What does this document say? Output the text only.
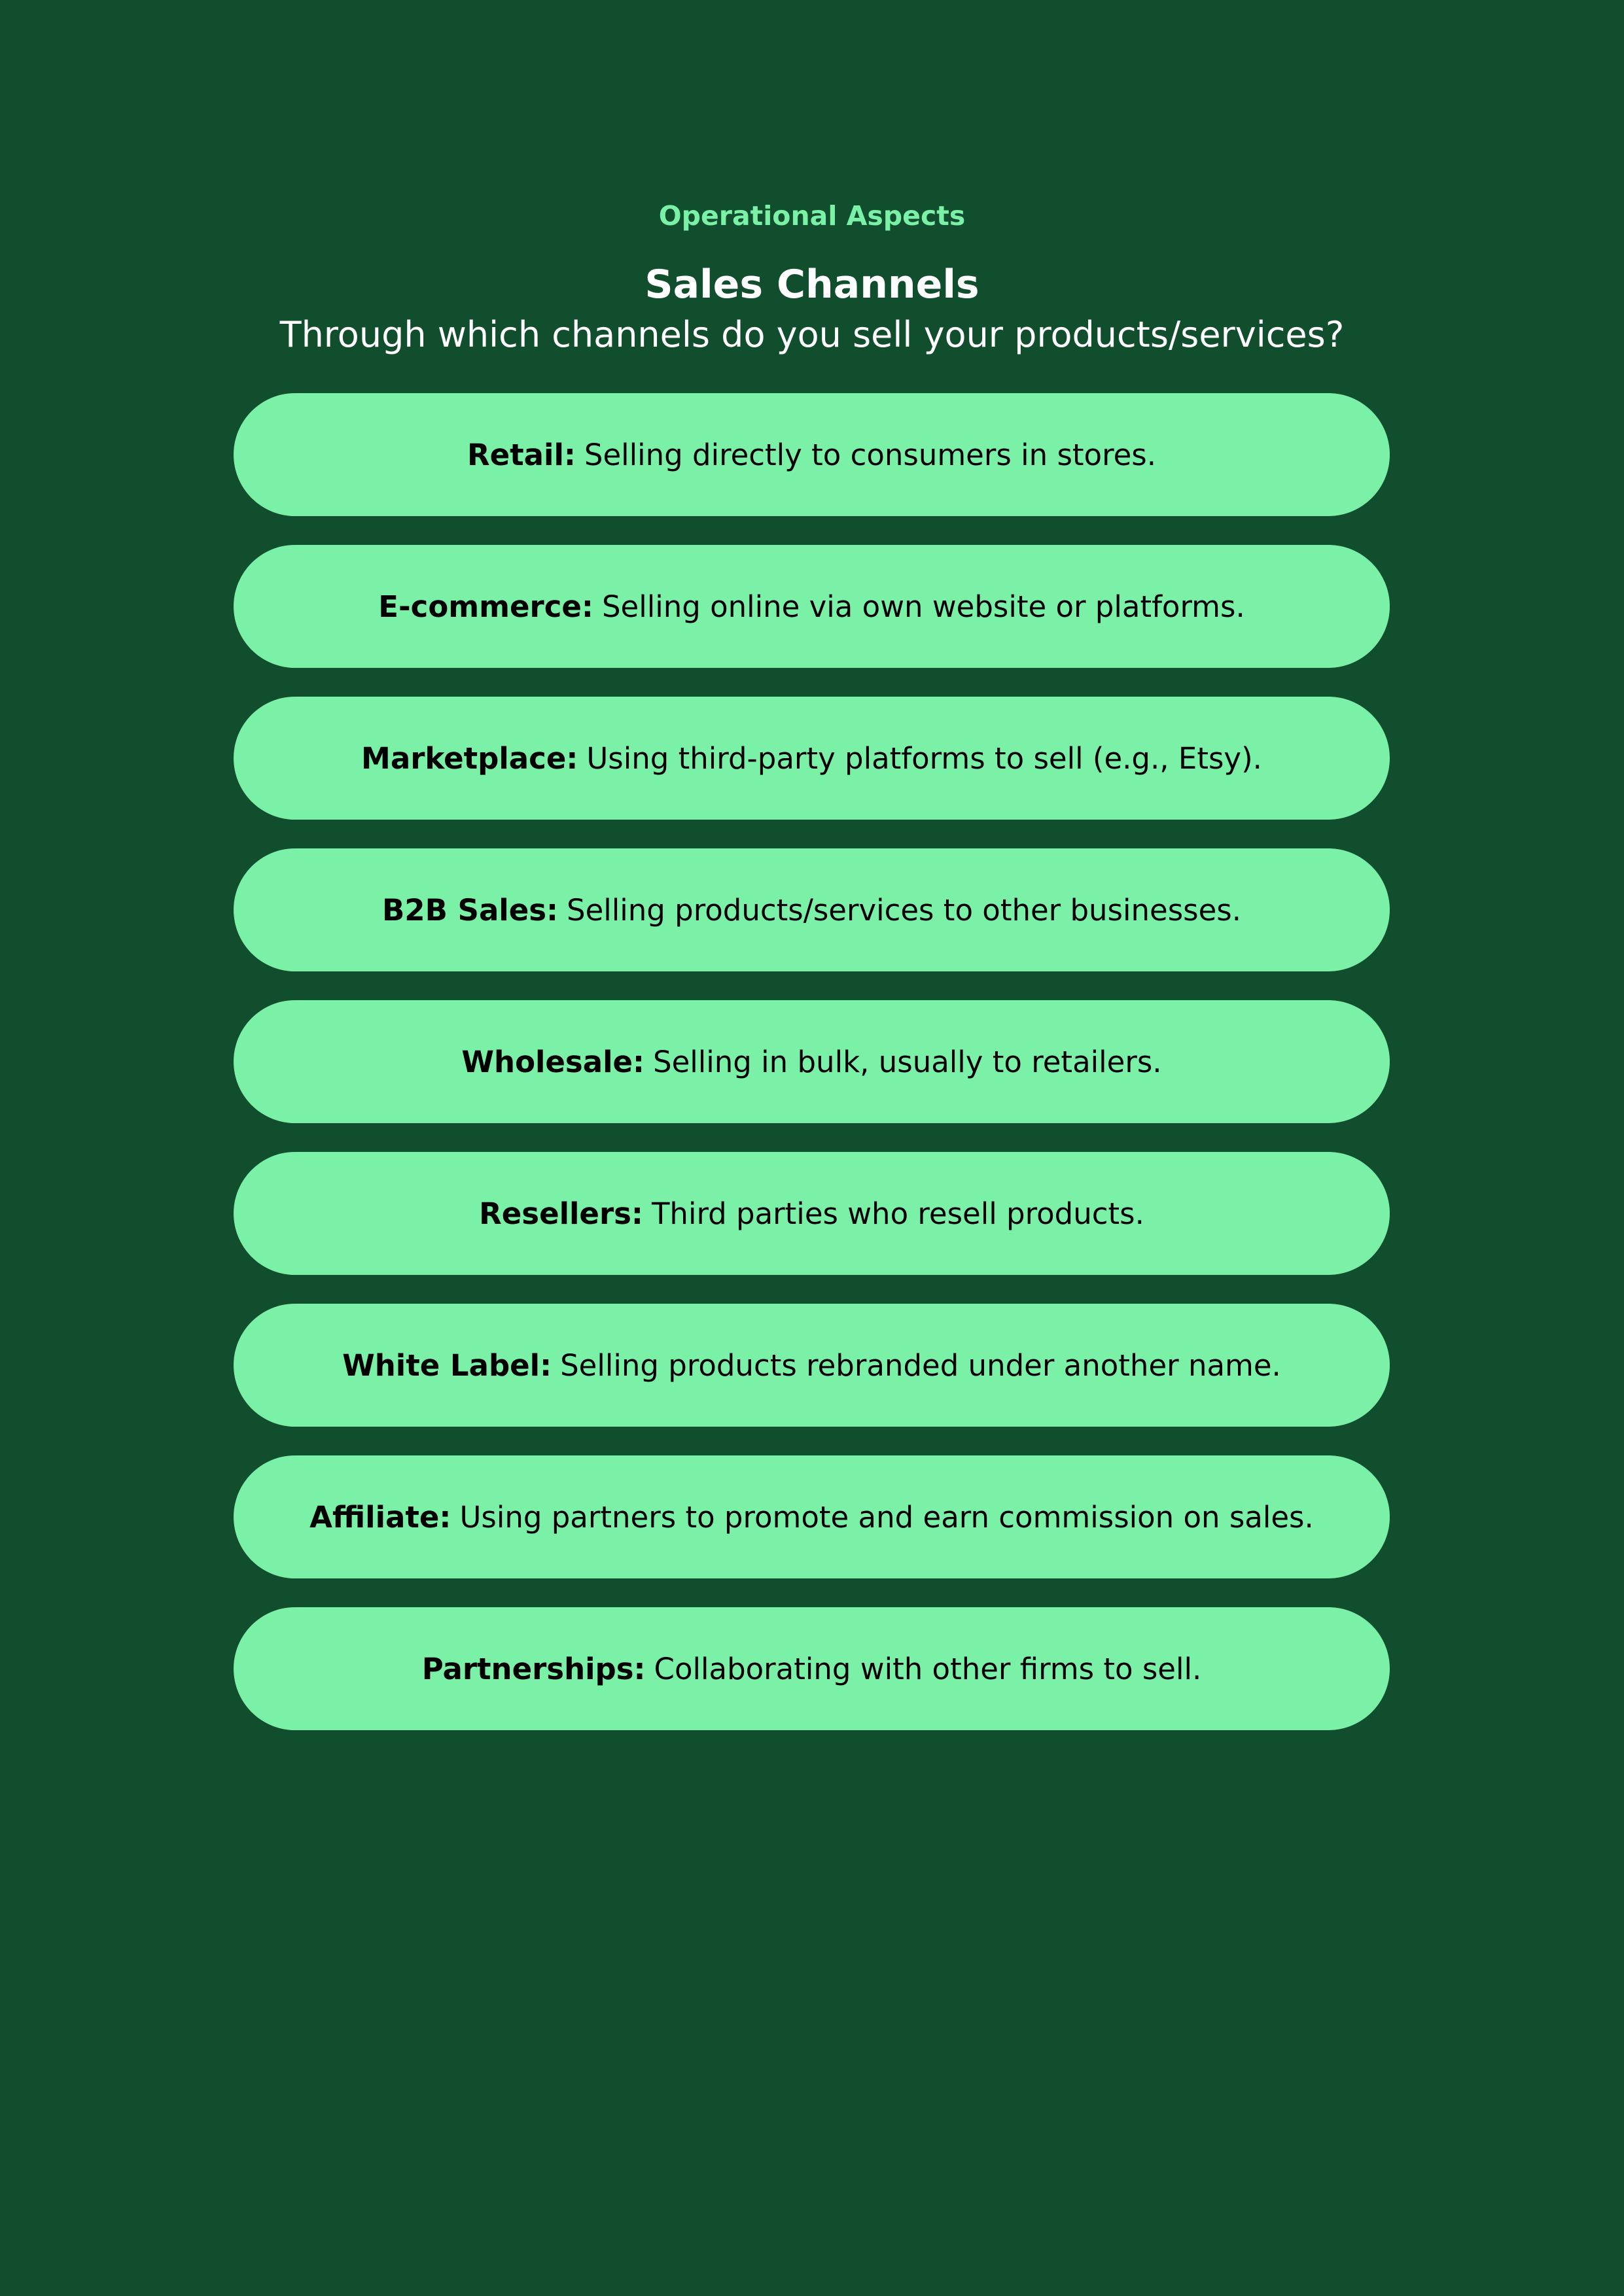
Operational Aspects
Sales Channels
Through which channels do you sell your products/services?
Retail: Selling directly to consumers in stores.
E-commerce: Selling online via own website or platforms.
Marketplace: Using third-party platforms to sell (e.g., Etsy).
B2B Sales: Selling products/services to other businesses.
Wholesale: Selling in bulk, usually to retailers.
Resellers: Third parties who resell products.
White Label: Selling products rebranded under another name.
Affiliate: Using partners to promote and earn commission on sales.
Partnerships: Collaborating with other firms to sell.
